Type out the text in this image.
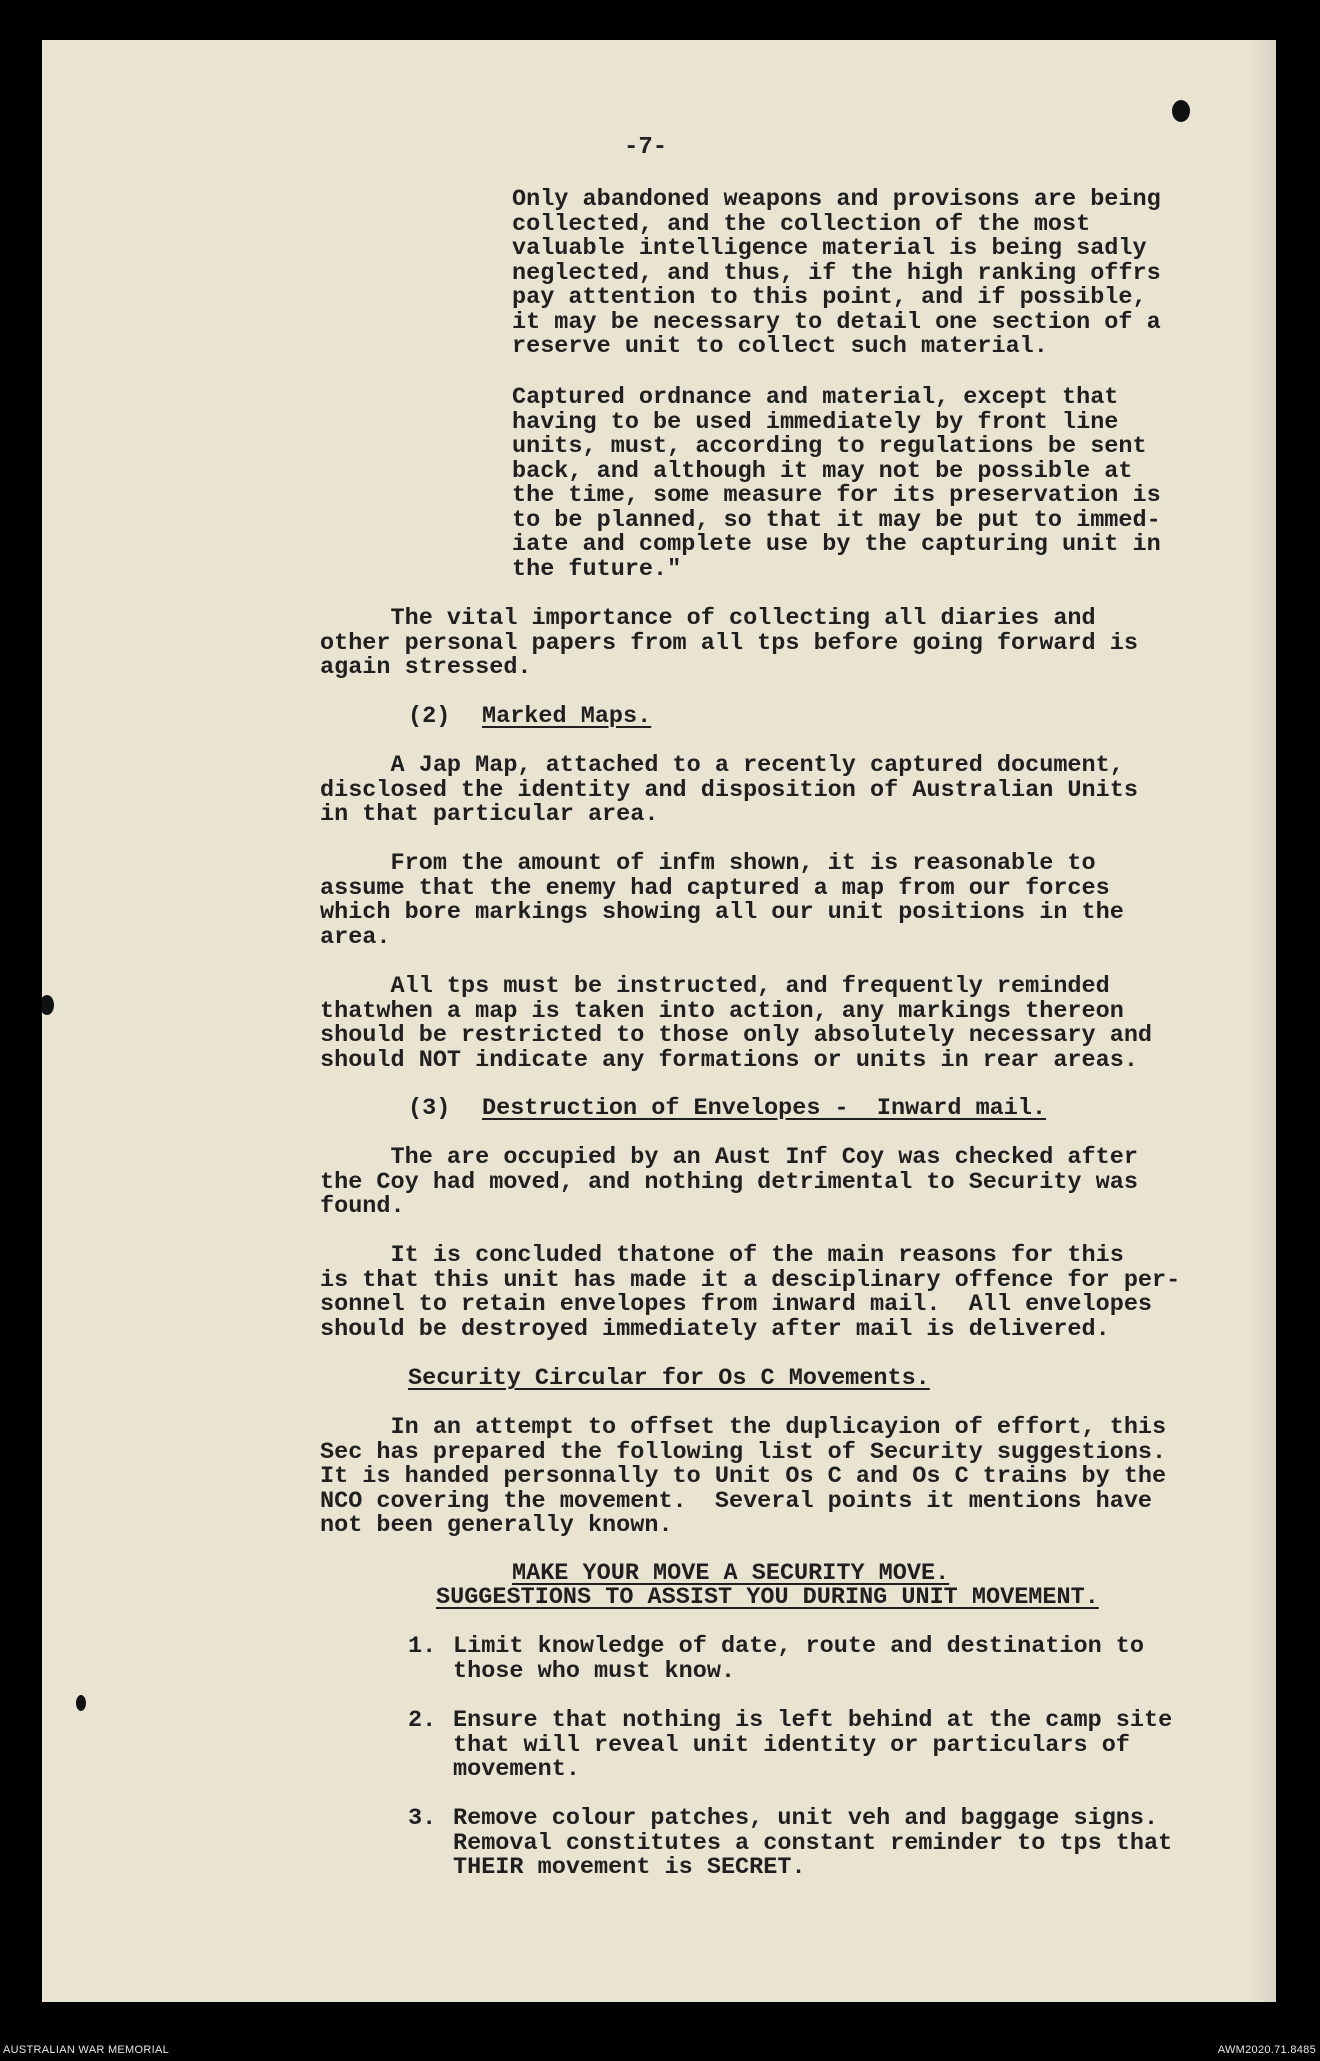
-7-
Only abandoned weapons and provisons are being
collected, and the collection of the most
valuable intelligence material is being sadly
neglected, and thus, if the high ranking offrs
pay attention to this point, and if possible,
it may be necessary to detail one section of a
reserve unit to collect such material.
Captured ordnance and material, except that
having to be used immediately by front line
units, must, according to regulations be sent
back, and although it may not be possible at
the time, some measure for its preservation is
to be planned, so that it may be put to immed-
iate and complete use by the capturing unit in
the future."
The vital importance of collecting all diaries and
other personal papers from all tps before going forward is
again stressed.
(2) Marked Maps.
A Jap Map, attached to a recently captured document,
disclosed the identity and disposition of Australian Units
in that particular area.
From the amount of infm shown, it is reasonable to
assume that the enemy had captured a map from our forces
which bore markings showing all our unit positions in the
area.
All tps must be instructed, and frequently reminded
thatwhen a map is taken into action, any markings thereon
should be restricted to those only absolutely necessary and
should NOT indicate any formations or units in rear areas.
(3) Destruction of Envelopes -  Inward mail.
The are occupied by an Aust Inf Coy was checked after
the Coy had moved, and nothing detrimental to Security was
found.
It is concluded thatone of the main reasons for this
is that this unit has made it a desciplinary offence for per-
sonnel to retain envelopes from inward mail.  All envelopes
should be destroyed immediately after mail is delivered.
Security Circular for Os C Movements.
In an attempt to offset the duplicayion of effort, this
Sec has prepared the following list of Security suggestions.
It is handed personnally to Unit Os C and Os C trains by the
NCO covering the movement.  Several points it mentions have
not been generally known.
MAKE YOUR MOVE A SECURITY MOVE.
SUGGESTIONS TO ASSIST YOU DURING UNIT MOVEMENT.
1. Limit knowledge of date, route and destination to
those who must know.
2. Ensure that nothing is left behind at the camp site
that will reveal unit identity or particulars of
movement.
3. Remove colour patches, unit veh and baggage signs.
Removal constitutes a constant reminder to tps that
THEIR movement is SECRET.
AUSTRALIAN WAR MEMORIAL	AWM2020.71.8485
